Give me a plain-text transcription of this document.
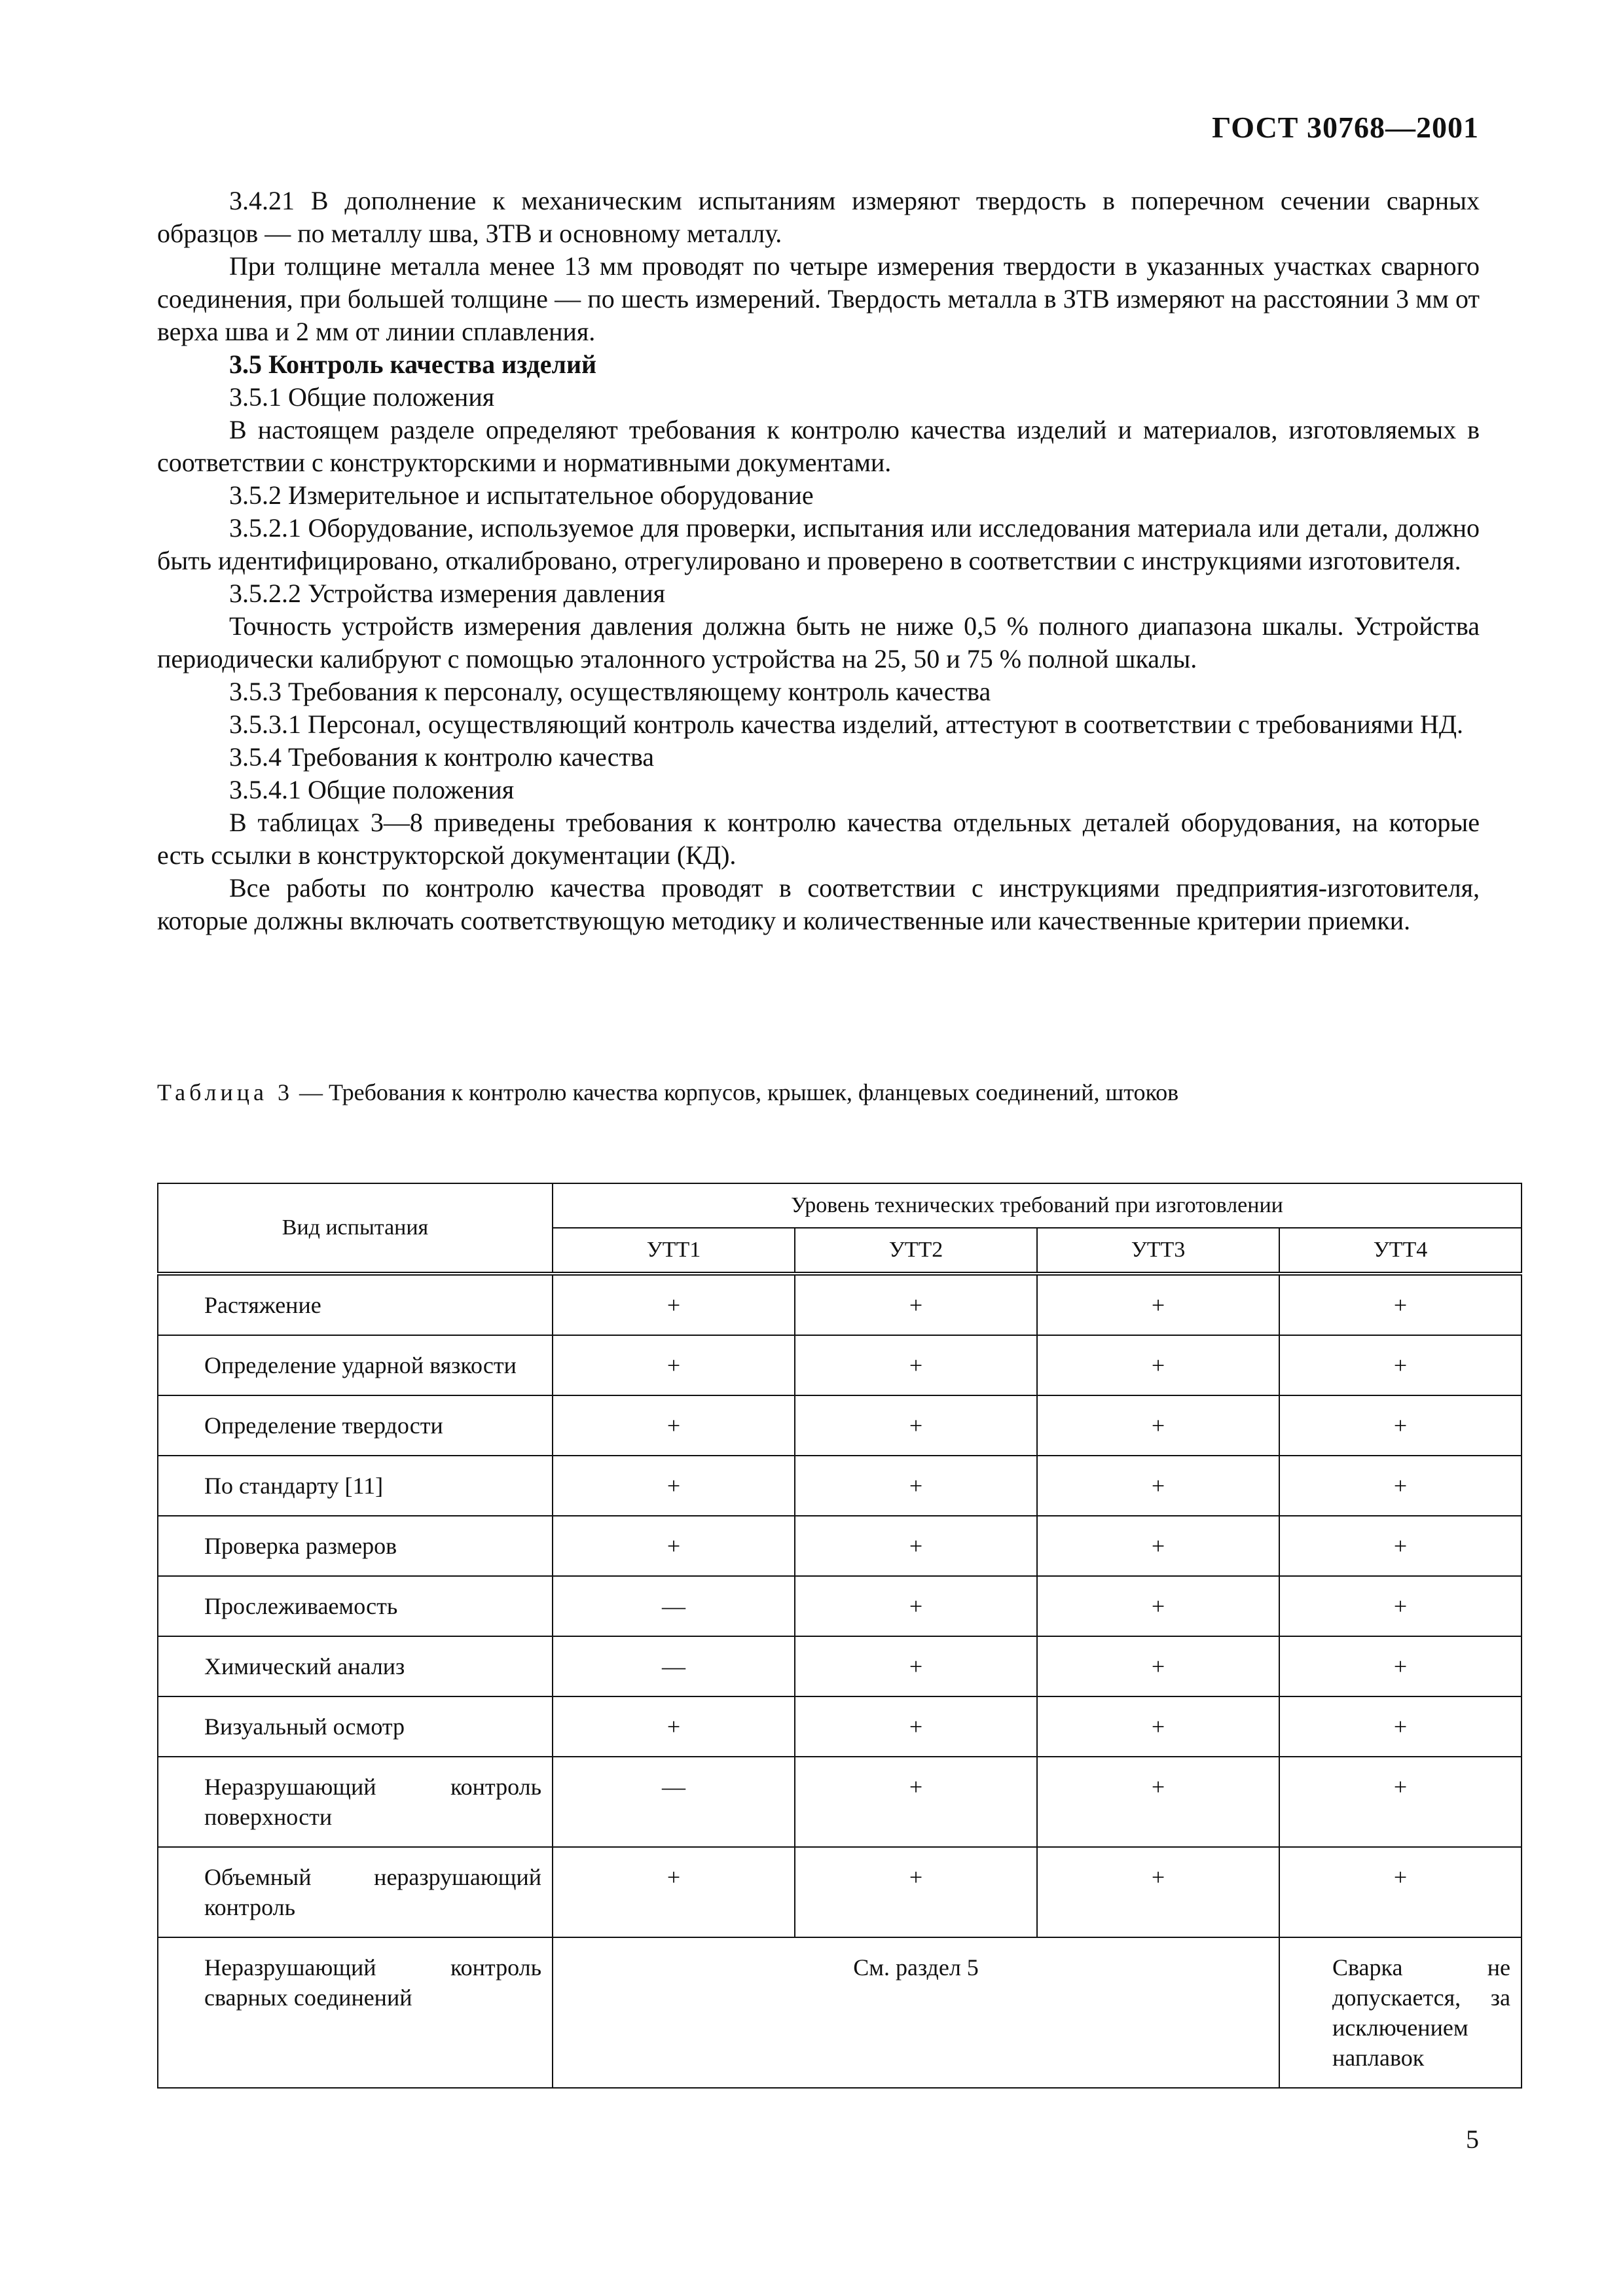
ГОСТ 30768—2001

3.4.21 В дополнение к механическим испытаниям измеряют твердость в поперечном сечении сварных образцов — по металлу шва, ЗТВ и основному металлу.

При толщине металла менее 13 мм проводят по четыре измерения твердости в указанных участках сварного соединения, при большей толщине — по шесть измерений. Твердость металла в ЗТВ измеряют на расстоянии 3 мм от верха шва и 2 мм от линии сплавления.

3.5 Контроль качества изделий

3.5.1 Общие положения

В настоящем разделе определяют требования к контролю качества изделий и материалов, изготовляемых в соответствии с конструкторскими и нормативными документами.

3.5.2 Измерительное и испытательное оборудование

3.5.2.1 Оборудование, используемое для проверки, испытания или исследования материала или детали, должно быть идентифицировано, откалибровано, отрегулировано и проверено в соответствии с инструкциями изготовителя.

3.5.2.2 Устройства измерения давления

Точность устройств измерения давления должна быть не ниже 0,5 % полного диапазона шкалы. Устройства периодически калибруют с помощью эталонного устройства на 25, 50 и 75 % полной шкалы.

3.5.3 Требования к персоналу, осуществляющему контроль качества

3.5.3.1 Персонал, осуществляющий контроль качества изделий, аттестуют в соответствии с требованиями НД.

3.5.4 Требования к контролю качества

3.5.4.1 Общие положения

В таблицах 3—8 приведены требования к контролю качества отдельных деталей оборудования, на которые есть ссылки в конструкторской документации (КД).

Все работы по контролю качества проводят в соответствии с инструкциями предприятия-изготовителя, которые должны включать соответствующую методику и количественные или качественные критерии приемки.

Таблица 3 — Требования к контролю качества корпусов, крышек, фланцевых соединений, штоков
Вид испытания	Уровень технических требований при изготовлении			
	УТТ1	УТТ2	УТТ3	УТТ4
Растяжение	+	+	+	+
Определение ударной вязкости	+	+	+	+
Определение твердости	+	+	+	+
По стандарту [11]	+	+	+	+
Проверка размеров	+	+	+	+
Прослеживаемость	—	+	+	+
Химический анализ	—	+	+	+
Визуальный осмотр	+	+	+	+
Неразрушающий контроль поверхности	—	+	+	+
Объемный неразрушающий контроль	+	+	+	+
Неразрушающий контроль сварных соединений	См. раздел 5			Сварка не допускается, за исключением наплавок
5
